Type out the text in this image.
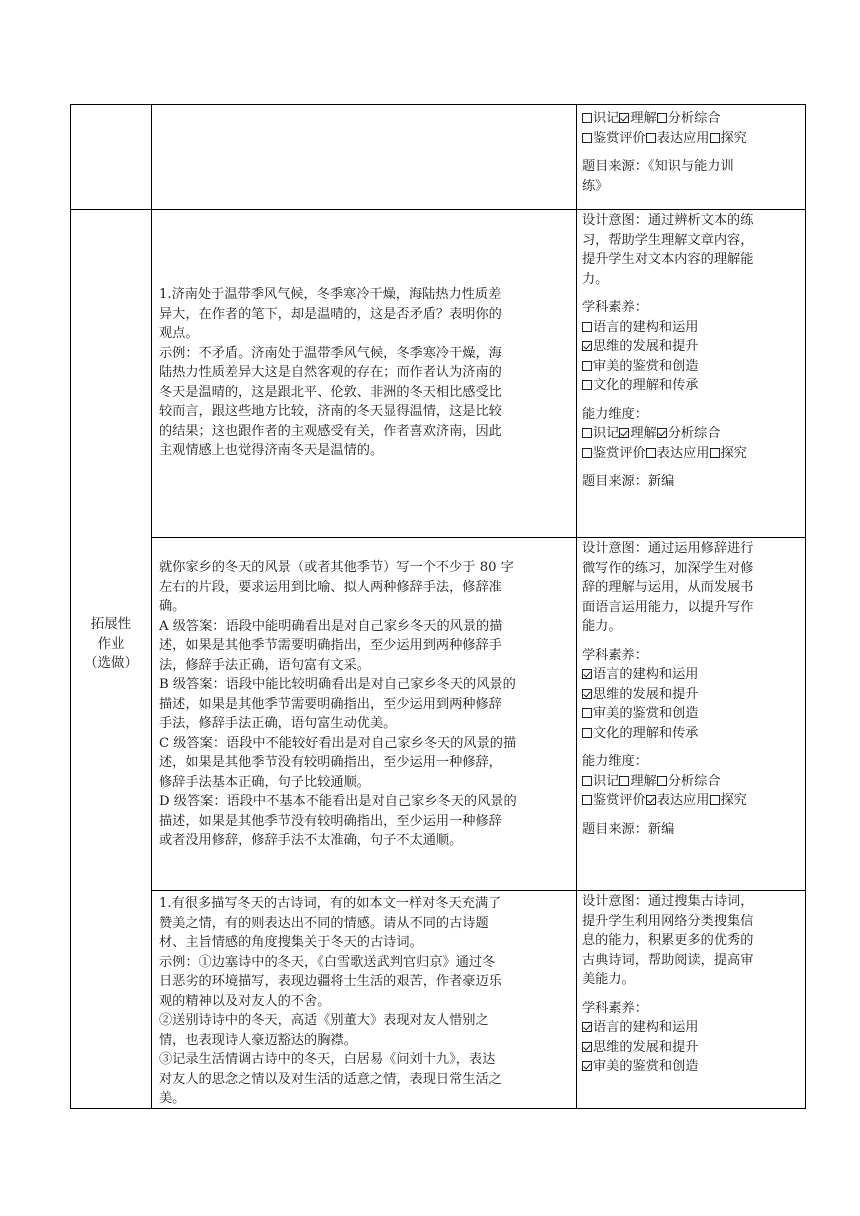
识记 理解 分析综合
鉴赏评价 表达应用 探究
题目来源：《知识与能力训
练》
拓展性
作业
（选做）
1.济南处于温带季风气候，冬季寒冷干燥，海陆热力性质差
异大，在作者的笔下，却是温晴的，这是否矛盾？表明你的
观点。
示例：不矛盾。济南处于温带季风气候，冬季寒冷干燥，海
陆热力性质差异大这是自然客观的存在；而作者认为济南的
冬天是温晴的，这是跟北平、伦敦、非洲的冬天相比感受比
较而言，跟这些地方比较，济南的冬天显得温情，这是比较
的结果；这也跟作者的主观感受有关，作者喜欢济南，因此
主观情感上也觉得济南冬天是温情的。
设计意图：通过辨析文本的练
习，帮助学生理解文章内容，
提升学生对文本内容的理解能
力。
学科素养：
语言的建构和运用
思维的发展和提升
审美的鉴赏和创造
文化的理解和传承
能力维度：
识记 理解 分析综合
鉴赏评价 表达应用 探究
题目来源：新编
就你家乡的冬天的风景（或者其他季节）写一个不少于 80 字
左右的片段，要求运用到比喻、拟人两种修辞手法，修辞准
确。
A 级答案：语段中能明确看出是对自己家乡冬天的风景的描
述，如果是其他季节需要明确指出，至少运用到两种修辞手
法，修辞手法正确，语句富有文采。
B 级答案：语段中能比较明确看出是对自己家乡冬天的风景的
描述，如果是其他季节需要明确指出，至少运用到两种修辞
手法，修辞手法正确，语句富生动优美。
C 级答案：语段中不能较好看出是对自己家乡冬天的风景的描
述，如果是其他季节没有较明确指出，至少运用一种修辞，
修辞手法基本正确，句子比较通顺。
D 级答案：语段中不基本不能看出是对自己家乡冬天的风景的
描述，如果是其他季节没有较明确指出，至少运用一种修辞
或者没用修辞，修辞手法不太准确，句子不太通顺。
设计意图：通过运用修辞进行
微写作的练习，加深学生对修
辞的理解与运用，从而发展书
面语言运用能力，以提升写作
能力。
学科素养：
语言的建构和运用
思维的发展和提升
审美的鉴赏和创造
文化的理解和传承
能力维度：
识记 理解 分析综合
鉴赏评价 表达应用 探究
题目来源：新编
1.有很多描写冬天的古诗词，有的如本文一样对冬天充满了
赞美之情，有的则表达出不同的情感。请从不同的古诗题
材、主旨情感的角度搜集关于冬天的古诗词。
示例：①边塞诗中的冬天，《白雪歌送武判官归京》通过冬
日恶劣的环境描写，表现边疆将士生活的艰苦，作者豪迈乐
观的精神以及对友人的不舍。
②送别诗诗中的冬天，高适《别董大》表现对友人惜别之
情，也表现诗人豪迈豁达的胸襟。
③记录生活情调古诗中的冬天，白居易《问刘十九》，表达
对友人的思念之情以及对生活的适意之情，表现日常生活之
美。
设计意图：通过搜集古诗词，
提升学生利用网络分类搜集信
息的能力，积累更多的优秀的
古典诗词，帮助阅读，提高审
美能力。
学科素养：
语言的建构和运用
思维的发展和提升
审美的鉴赏和创造
